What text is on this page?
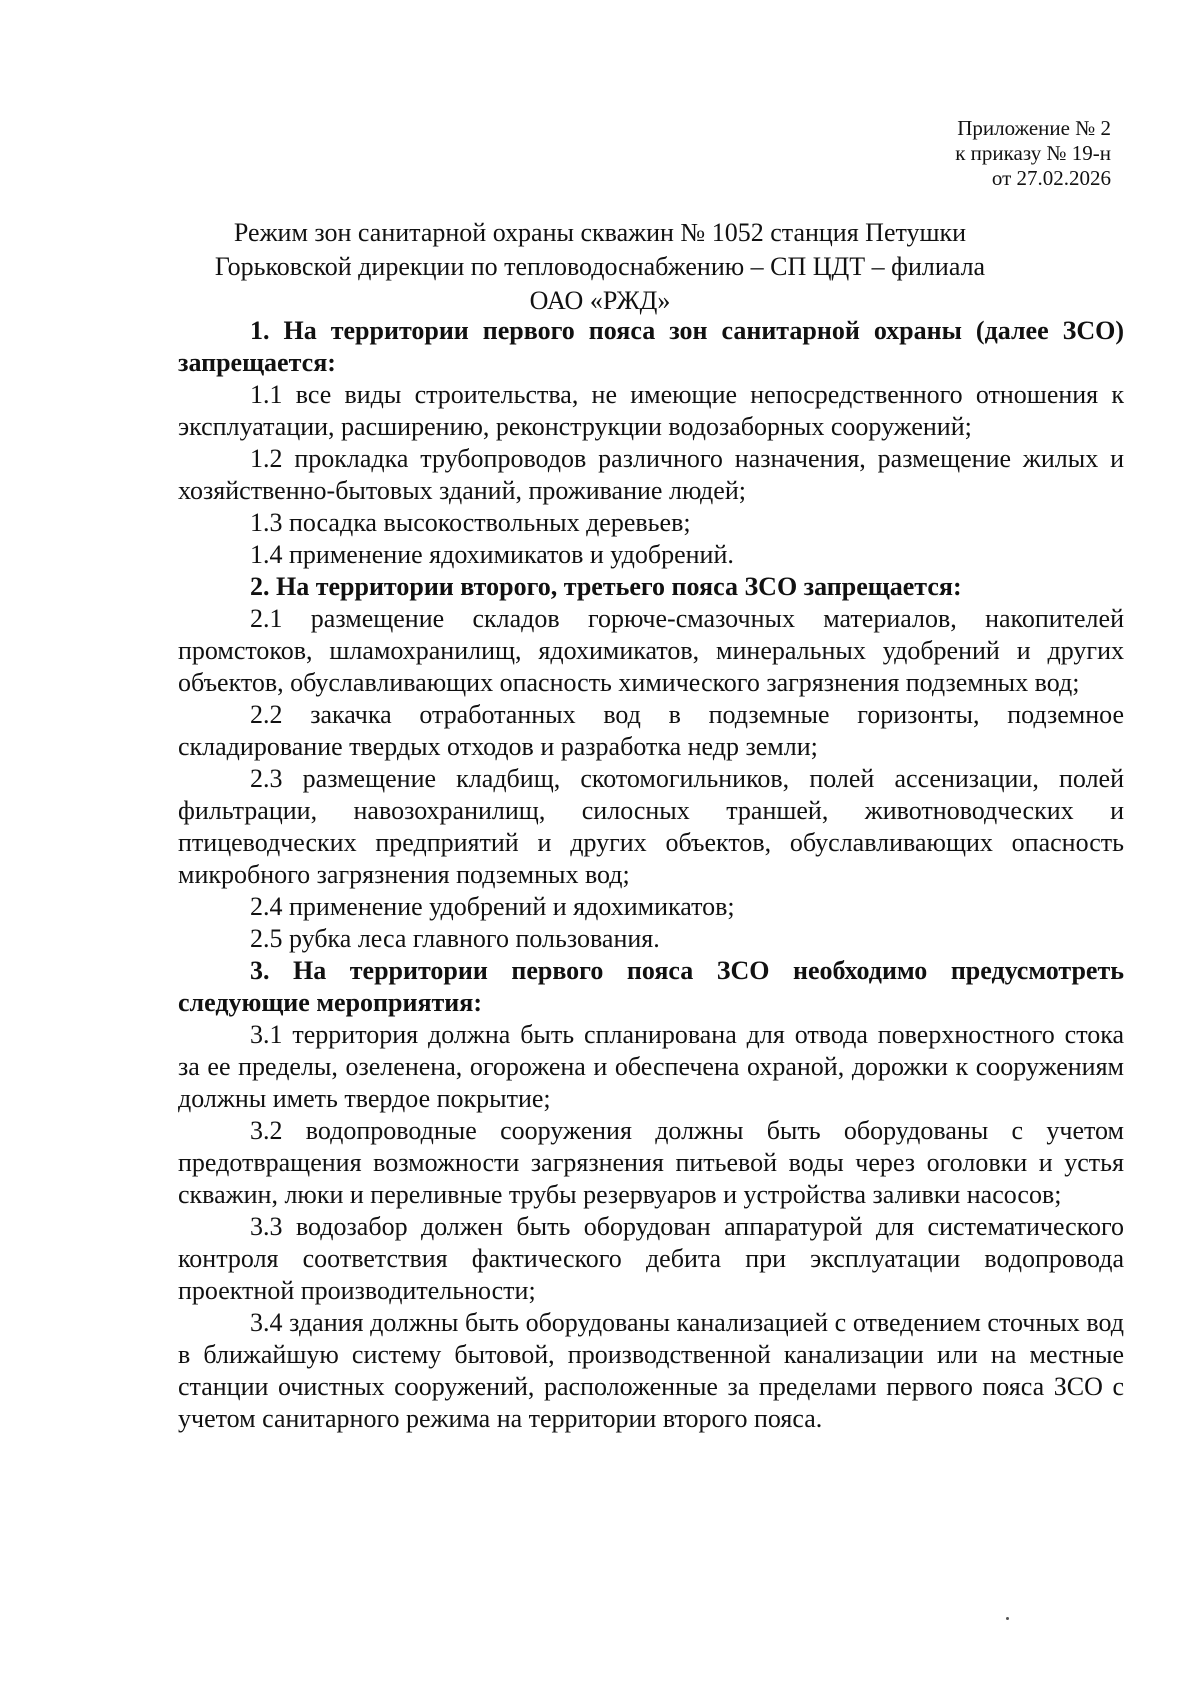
Приложение № 2
к приказу № 19-н
от 27.02.2026
Режим зон санитарной охраны скважин № 1052 станция Петушки
Горьковской дирекции по тепловодоснабжению – СП ЦДТ – филиала
ОАО «РЖД»

1. На территории первого пояса зон санитарной охраны (далее ЗСО) запрещается:

1.1 все виды строительства, не имеющие непосредственного отношения к эксплуатации, расширению, реконструкции водозаборных сооружений;

1.2 прокладка трубопроводов различного назначения, размещение жилых и хозяйственно-бытовых зданий, проживание людей;

1.3 посадка высокоствольных деревьев;

1.4 применение ядохимикатов и удобрений.

2. На территории второго, третьего пояса ЗСО запрещается:

2.1 размещение складов горюче-смазочных материалов, накопителей промстоков, шламохранилищ, ядохимикатов, минеральных удобрений и других объектов, обуславливающих опасность химического загрязнения подземных вод;

2.2 закачка отработанных вод в подземные горизонты, подземное складирование твердых отходов и разработка недр земли;

2.3 размещение кладбищ, скотомогильников, полей ассенизации, полей фильтрации, навозохранилищ, силосных траншей, животноводческих и птицеводческих предприятий и других объектов, обуславливающих опасность микробного загрязнения подземных вод;

2.4 применение удобрений и ядохимикатов;

2.5 рубка леса главного пользования.

3. На территории первого пояса ЗСО необходимо предусмотреть следующие мероприятия:

3.1 территория должна быть спланирована для отвода поверхностного стока за ее пределы, озеленена, огорожена и обеспечена охраной, дорожки к сооружениям должны иметь твердое покрытие;

3.2 водопроводные сооружения должны быть оборудованы с учетом предотвращения возможности загрязнения питьевой воды через оголовки и устья скважин, люки и переливные трубы резервуаров и устройства заливки насосов;

3.3 водозабор должен быть оборудован аппаратурой для систематического контроля соответствия фактического дебита при эксплуатации водопровода проектной производительности;

3.4 здания должны быть оборудованы канализацией с отведением сточных вод в ближайшую систему бытовой, производственной канализации или на местные станции очистных сооружений, расположенные за пределами первого пояса ЗСО с учетом санитарного режима на территории второго пояса.
